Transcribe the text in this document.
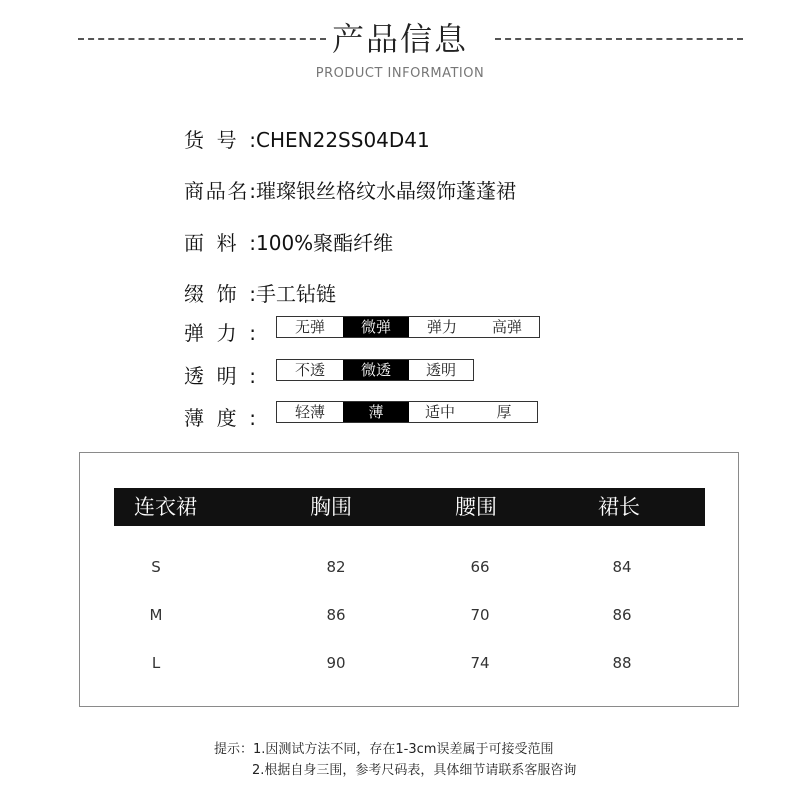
产品信息
PRODUCT INFORMATION
货号:CHEN22SS04D41
商品名:璀璨银丝格纹水晶缀饰蓬蓬裙
面料:100%聚酯纤维
缀饰:手工钻链
弹力:	无弹	微弹	弹力	高弹
透明:	不透	微透	透明
薄度:	轻薄	薄	适中	厚
连衣裙	胸围	腰围	裙长
S	82	66	84
M	86	70	86
L	90	74	88
提示：1.因测试方法不同，存在1-3cm误差属于可接受范围
2.根据自身三围，参考尺码表，具体细节请联系客服咨询
